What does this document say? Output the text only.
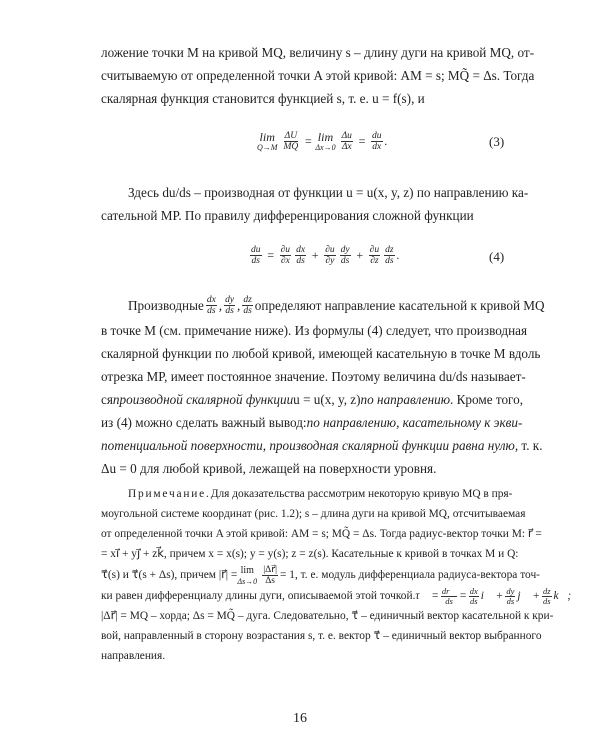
ложение точки M на кривой MQ, величину s – длину дуги на кривой MQ, от-
считываемую от определенной точки A этой кривой: AM = s; MQ̃ = Δs. Тогда
скалярная функция становится функцией s, т. е. u = f(s), и
lim
$Q\to M \frac{\Delta U}{MQ} = \lim$
$\Delta x\to 0 \frac{\Delta u}{\Delta x} = \frac{du}{dx}$ .	(3)
Здесь du/ds – производная от функции u = u(x, y, z) по направлению ка-
сательной MP. По правилу дифференцирования сложной функции
$\frac{du}{ds} = \frac{\partial u}{\partial x} \frac{dx}{ds} + \frac{\partial u}{\partial y} \frac{dy}{ds} + \frac{\partial u}{\partial z} \frac{dz}{ds}$ .	(4)
Производные $\frac{dx}{ds}$ , $\frac{dy}{ds}$ , $\frac{dz}{ds}$ определяют направление касательной к кривой MQ
в точке M (см. примечание ниже). Из формулы (4) следует, что производная
скалярной функции по любой кривой, имеющей касательную в точке M вдоль
отрезка MP, имеет постоянное значение. Поэтому величина du/ds называет-
ся производной скалярной функции u = u(x, y, z) по направлению . Кроме того,
из (4) можно сделать важный вывод: по направлению, касательному к экви-
потенциальной поверхности, производная скалярной функции равна нулю , т. к.
Δu = 0 для любой кривой, лежащей на поверхности уровня.
Примечание. Для доказательства рассмотрим некоторую кривую MQ в пря-
моугольной системе координат (рис. 1.2); s – длина дуги на кривой MQ, отсчитываемая
от определенной точки A этой кривой: AM = s; MQ̃ = Δs. Тогда радиус-вектор точки M: r⃗ =
= xi⃗ + yj⃗ + zk⃗, причем x = x(s); y = y(s); z = z(s). Касательные к кривой в точках M и Q:
τ⃗(s) и τ⃗(s + Δs), причем |r⃗| = lim
$\Delta s\to 0 \frac{|\Delta r⃗|}{\Delta s} = 1$, т. е. модуль дифференциала радиуса-вектора точ-
ки равен дифференциалу длины дуги, описываемой этой точкой. τ⃗ = $\frac{dr⃗}{ds} = \frac{dx}{ds}$ i⃗ + $\frac{dy}{ds}$ j⃗ + $\frac{dz}{ds}$ k⃗;
|Δr⃗| = MQ – хорда; Δs = MQ̃ – дуга. Следовательно, τ⃗ – единичный вектор касательной к кри-
вой, направленный в сторону возрастания s, т. е. вектор τ⃗ – единичный вектор выбранного
направления.
16
